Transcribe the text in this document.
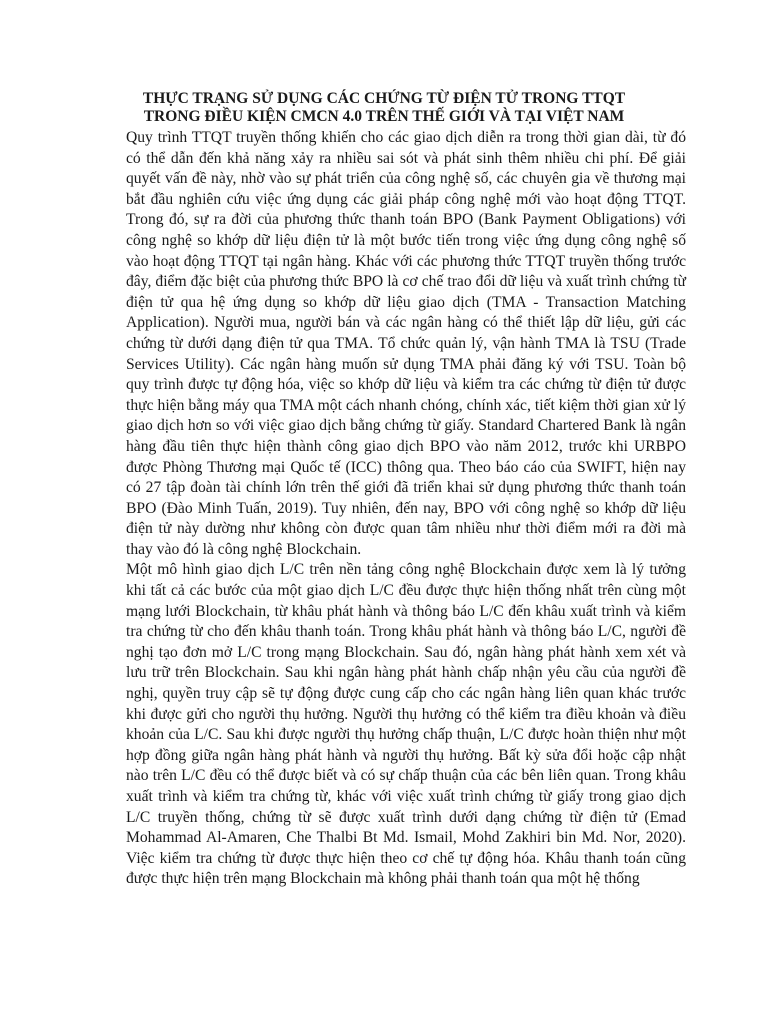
THỰC TRẠNG SỬ DỤNG CÁC CHỨNG TỪ ĐIỆN TỬ TRONG TTQT
TRONG ĐIỀU KIỆN CMCN 4.0 TRÊN THẾ GIỚI VÀ TẠI VIỆT NAM

Quy trình TTQT truyền thống khiến cho các giao dịch diễn ra trong thời gian dài, từ đó có thể dẫn đến khả năng xảy ra nhiều sai sót và phát sinh thêm nhiều chi phí. Để giải quyết vấn đề này, nhờ vào sự phát triển của công nghệ số, các chuyên gia về thương mại bắt đầu nghiên cứu việc ứng dụng các giải pháp công nghệ mới vào hoạt động TTQT. Trong đó, sự ra đời của phương thức thanh toán BPO (Bank Payment Obligations) với công nghệ so khớp dữ liệu điện tử là một bước tiến trong việc ứng dụng công nghệ số vào hoạt động TTQT tại ngân hàng. Khác với các phương thức TTQT truyền thống trước đây, điểm đặc biệt của phương thức BPO là cơ chế trao đổi dữ liệu và xuất trình chứng từ điện tử qua hệ ứng dụng so khớp dữ liệu giao dịch (TMA - Transaction Matching Application). Người mua, người bán và các ngân hàng có thể thiết lập dữ liệu, gửi các chứng từ dưới dạng điện tử qua TMA. Tổ chức quản lý, vận hành TMA là TSU (Trade Services Utility). Các ngân hàng muốn sử dụng TMA phải đăng ký với TSU. Toàn bộ quy trình được tự động hóa, việc so khớp dữ liệu và kiểm tra các chứng từ điện tử được thực hiện bằng máy qua TMA một cách nhanh chóng, chính xác, tiết kiệm thời gian xử lý giao dịch hơn so với việc giao dịch bằng chứng từ giấy. Standard Chartered Bank là ngân hàng đầu tiên thực hiện thành công giao dịch BPO vào năm 2012, trước khi URBPO được Phòng Thương mại Quốc tế (ICC) thông qua. Theo báo cáo của SWIFT, hiện nay có 27 tập đoàn tài chính lớn trên thế giới đã triển khai sử dụng phương thức thanh toán BPO (Đào Minh Tuấn, 2019). Tuy nhiên, đến nay, BPO với công nghệ so khớp dữ liệu điện tử này dường như không còn được quan tâm nhiều như thời điểm mới ra đời mà thay vào đó là công nghệ Blockchain.

Một mô hình giao dịch L/C trên nền tảng công nghệ Blockchain được xem là lý tưởng khi tất cả các bước của một giao dịch L/C đều được thực hiện thống nhất trên cùng một mạng lưới Blockchain, từ khâu phát hành và thông báo L/C đến khâu xuất trình và kiểm tra chứng từ cho đến khâu thanh toán. Trong khâu phát hành và thông báo L/C, người đề nghị tạo đơn mở L/C trong mạng Blockchain. Sau đó, ngân hàng phát hành xem xét và lưu trữ trên Blockchain. Sau khi ngân hàng phát hành chấp nhận yêu cầu của người đề nghị, quyền truy cập sẽ tự động được cung cấp cho các ngân hàng liên quan khác trước khi được gửi cho người thụ hưởng. Người thụ hưởng có thể kiểm tra điều khoản và điều khoản của L/C. Sau khi được người thụ hưởng chấp thuận, L/C được hoàn thiện như một hợp đồng giữa ngân hàng phát hành và người thụ hưởng. Bất kỳ sửa đổi hoặc cập nhật nào trên L/C đều có thể được biết và có sự chấp thuận của các bên liên quan. Trong khâu xuất trình và kiểm tra chứng từ, khác với việc xuất trình chứng từ giấy trong giao dịch L/C truyền thống, chứng từ sẽ được xuất trình dưới dạng chứng từ điện tử (Emad Mohammad Al-Amaren, Che Thalbi Bt Md. Ismail, Mohd Zakhiri bin Md. Nor, 2020). Việc kiểm tra chứng từ được thực hiện theo cơ chế tự động hóa. Khâu thanh toán cũng được thực hiện trên mạng Blockchain mà không phải thanh toán qua một hệ thống
